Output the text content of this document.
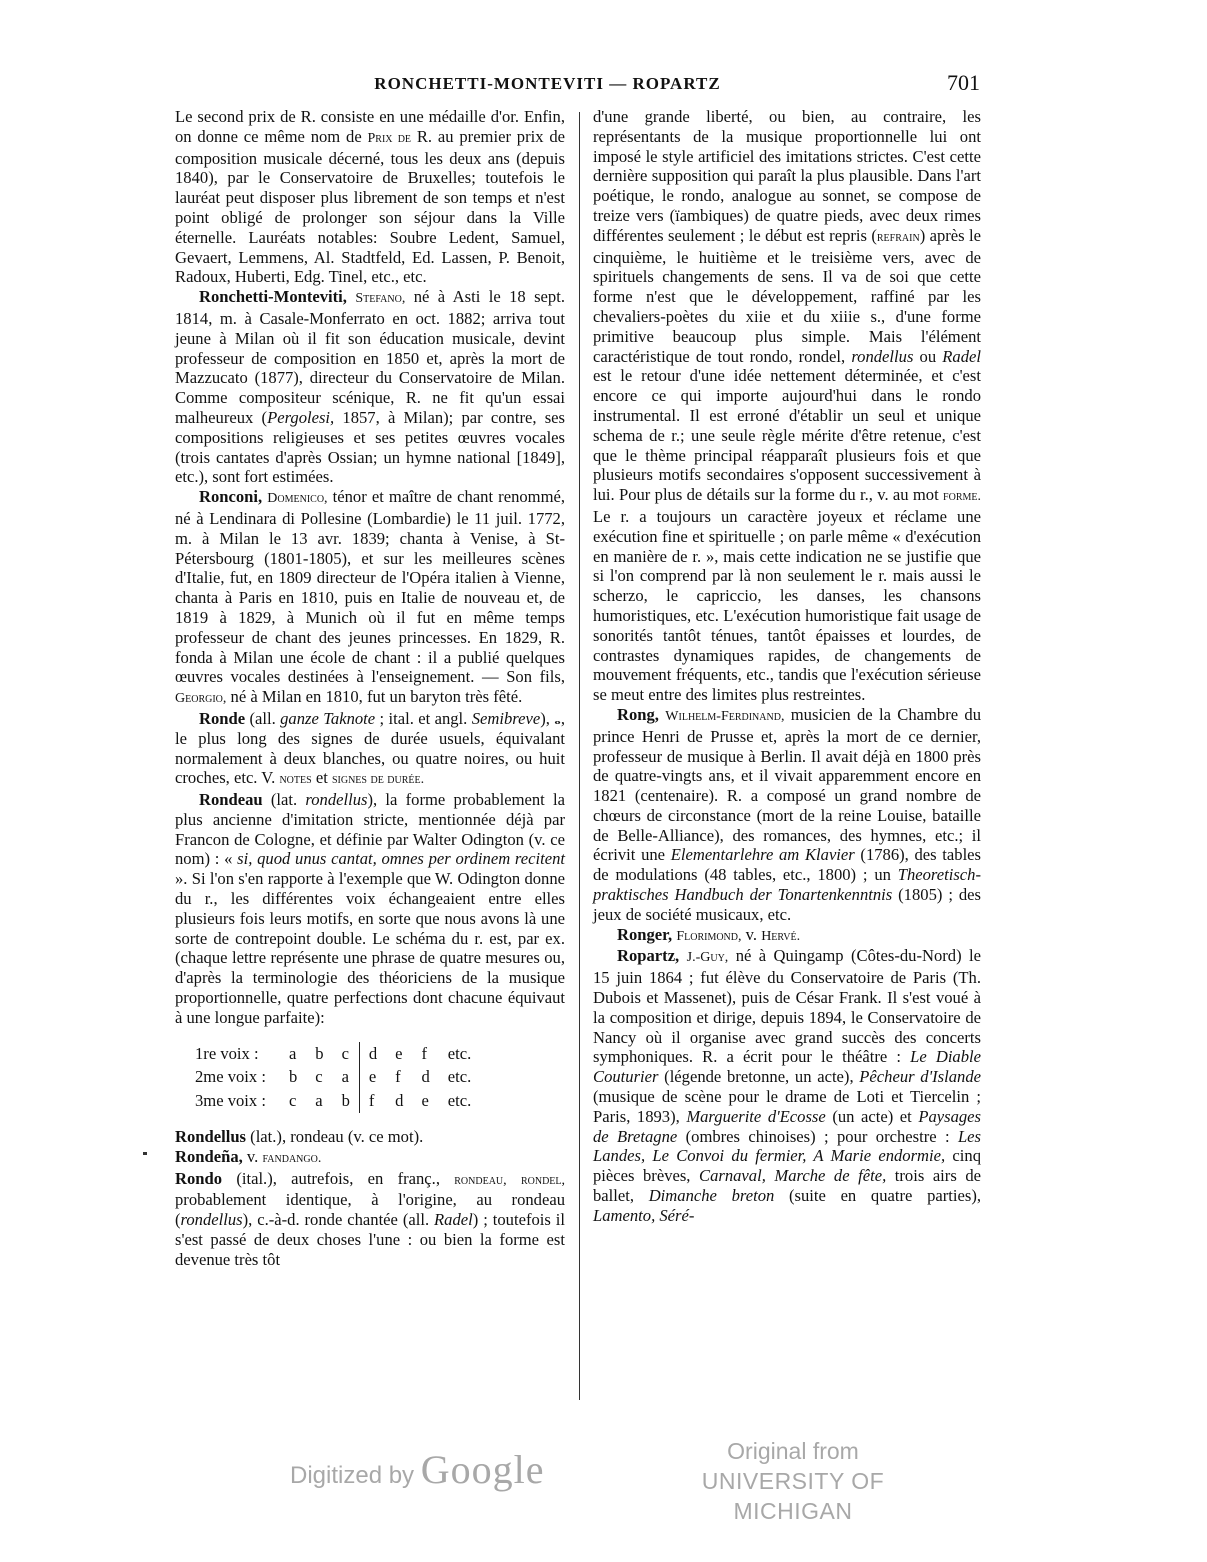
RONCHETTI-MONTEVITI — ROPARTZ	701

Le second prix de R. consiste en une médaille d'or. Enfin, on donne ce même nom de Prix de R. au premier prix de composition musicale décerné, tous les deux ans (depuis 1840), par le Conservatoire de Bruxelles; toutefois le lauréat peut disposer plus librement de son temps et n'est point obligé de prolonger son séjour dans la Ville éternelle. Lauréats notables: Soubre Ledent, Samuel, Gevaert, Lemmens, Al. Stadtfeld, Ed. Lassen, P. Benoit, Radoux, Huberti, Edg. Tinel, etc., etc.

Ronchetti-Monteviti, Stefano, né à Asti le 18 sept. 1814, m. à Casale-Monferrato en oct. 1882; arriva tout jeune à Milan où il fit son éducation musicale, devint professeur de composition en 1850 et, après la mort de Mazzucato (1877), directeur du Conservatoire de Milan. Comme compositeur scénique, R. ne fit qu'un essai malheureux (Pergolesi, 1857, à Milan); par contre, ses compositions religieuses et ses petites œuvres vocales (trois cantates d'après Ossian; un hymne national [1849], etc.), sont fort estimées.

Ronconi, Domenico, ténor et maître de chant renommé, né à Lendinara di Pollesine (Lombardie) le 11 juil. 1772, m. à Milan le 13 avr. 1839; chanta à Venise, à St-Pétersbourg (1801-1805), et sur les meilleures scènes d'Italie, fut, en 1809 directeur de l'Opéra italien à Vienne, chanta à Paris en 1810, puis en Italie de nouveau et, de 1819 à 1829, à Munich où il fut en même temps professeur de chant des jeunes princesses. En 1829, R. fonda à Milan une école de chant : il a publié quelques œuvres vocales destinées à l'enseignement. — Son fils, Georgio, né à Milan en 1810, fut un baryton très fêté.

Ronde (all. ganze Taknote ; ital. et angl. Semibreve), 𝅝, le plus long des signes de durée usuels, équivalant normalement à deux blanches, ou quatre noires, ou huit croches, etc. V. notes et signes de durée.

Rondeau (lat. rondellus), la forme probablement la plus ancienne d'imitation stricte, mentionnée déjà par Francon de Cologne, et définie par Walter Odington (v. ce nom) : « si, quod unus cantat, omnes per ordinem recitent ». Si l'on s'en rapporte à l'exemple que W. Odington donne du r., les différentes voix échangeaient entre elles plusieurs fois leurs motifs, en sorte que nous avons là une sorte de contrepoint double. Le schéma du r. est, par ex. (chaque lettre représente une phrase de quatre mesures ou, d'après la terminologie des théoriciens de la musique proportionnelle, quatre perfections dont chacune équivaut à une longue parfaite):

1re voix :	a	b	c		d	e	f	etc.
2me voix :	b	c	a		e	f	d	etc.
3me voix :	c	a	b		f	d	e	etc.

Rondellus (lat.), rondeau (v. ce mot).

Rondeña, v. fandango.

Rondo (ital.), autrefois, en franç., rondeau, rondel, probablement identique, à l'origine, au rondeau (rondellus), c.-à-d. ronde chantée (all. Radel) ; toutefois il s'est passé de deux choses l'une : ou bien la forme est devenue très tôt

d'une grande liberté, ou bien, au contraire, les représentants de la musique proportionnelle lui ont imposé le style artificiel des imitations strictes. C'est cette dernière supposition qui paraît la plus plausible. Dans l'art poétique, le rondo, analogue au sonnet, se compose de treize vers (ïambiques) de quatre pieds, avec deux rimes différentes seulement ; le début est repris (refrain) après le cinquième, le huitième et le treisième vers, avec de spirituels changements de sens. Il va de soi que cette forme n'est que le développement, raffiné par les chevaliers-poètes du xiie et du xiiie s., d'une forme primitive beaucoup plus simple. Mais l'élément caractéristique de tout rondo, rondel, rondellus ou Radel est le retour d'une idée nettement déterminée, et c'est encore ce qui importe aujourd'hui dans le rondo instrumental. Il est erroné d'établir un seul et unique schema de r.; une seule règle mérite d'être retenue, c'est que le thème principal réapparaît plusieurs fois et que plusieurs motifs secondaires s'opposent successivement à lui. Pour plus de détails sur la forme du r., v. au mot forme. Le r. a toujours un caractère joyeux et réclame une exécution fine et spirituelle ; on parle même « d'exécution en manière de r. », mais cette indication ne se justifie que si l'on comprend par là non seulement le r. mais aussi le scherzo, le capriccio, les danses, les chansons humoristiques, etc. L'exécution humoristique fait usage de sonorités tantôt ténues, tantôt épaisses et lourdes, de contrastes dynamiques rapides, de changements de mouvement fréquents, etc., tandis que l'exécution sérieuse se meut entre des limites plus restreintes.

Rong, Wilhelm-Ferdinand, musicien de la Chambre du prince Henri de Prusse et, après la mort de ce dernier, professeur de musique à Berlin. Il avait déjà en 1800 près de quatre-vingts ans, et il vivait apparemment encore en 1821 (centenaire). R. a composé un grand nombre de chœurs de circonstance (mort de la reine Louise, bataille de Belle-Alliance), des romances, des hymnes, etc.; il écrivit une Elementarlehre am Klavier (1786), des tables de modulations (48 tables, etc., 1800) ; un Theoretisch-praktisches Handbuch der Tonartenkenntnis (1805) ; des jeux de société musicaux, etc.

Ronger, Florimond, v. Hervé.

Ropartz, J.-Guy, né à Quingamp (Côtes-du-Nord) le 15 juin 1864 ; fut élève du Conservatoire de Paris (Th. Dubois et Massenet), puis de César Frank. Il s'est voué à la composition et dirige, depuis 1894, le Conservatoire de Nancy où il organise avec grand succès des concerts symphoniques. R. a écrit pour le théâtre : Le Diable Couturier (légende bretonne, un acte), Pêcheur d'Islande (musique de scène pour le drame de Loti et Tiercelin ; Paris, 1893), Marguerite d'Ecosse (un acte) et Paysages de Bretagne (ombres chinoises) ; pour orchestre : Les Landes, Le Convoi du fermier, A Marie endormie, cinq pièces brèves, Carnaval, Marche de fête, trois airs de ballet, Dimanche breton (suite en quatre parties), Lamento, Séré-

Digitized by Google	Original from
UNIVERSITY OF MICHIGAN
